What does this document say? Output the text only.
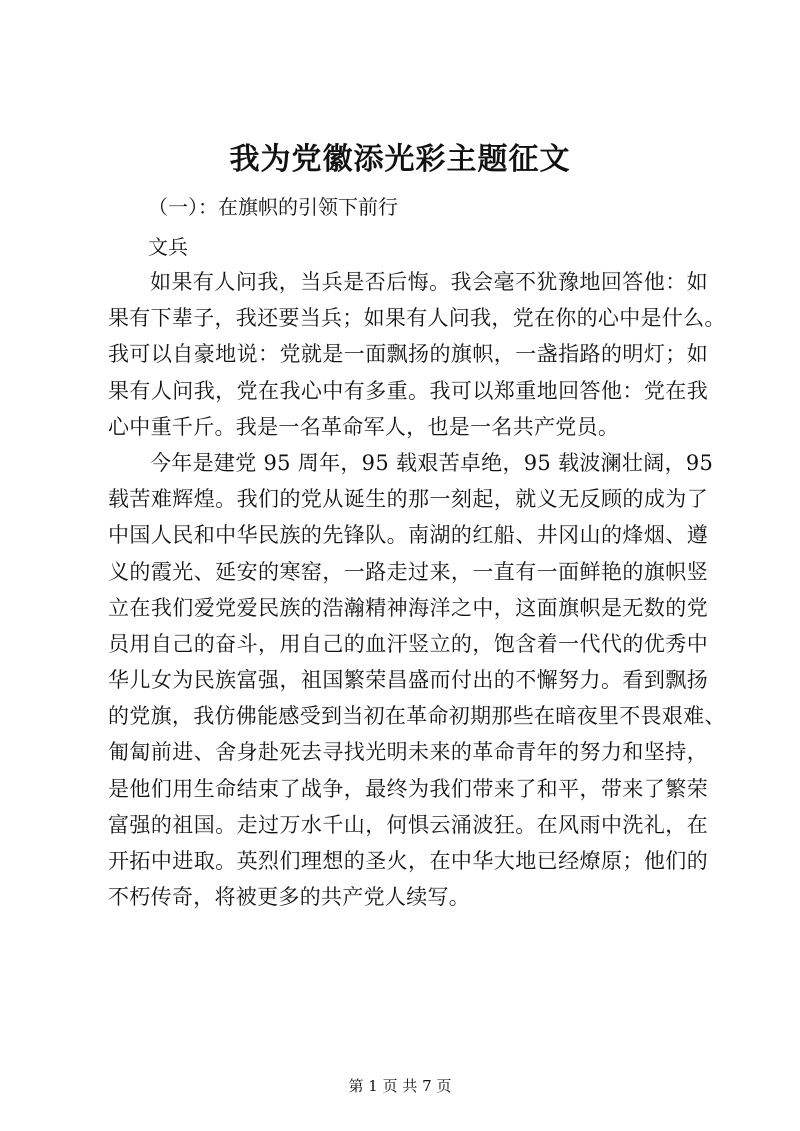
我为党徽添光彩主题征文
（一）：在旗帜的引领下前行
文兵
如果有人问我，当兵是否后悔。我会毫不犹豫地回答他：如
果有下辈子，我还要当兵；如果有人问我，党在你的心中是什么。
我可以自豪地说：党就是一面飘扬的旗帜，一盏指路的明灯；如
果有人问我，党在我心中有多重。我可以郑重地回答他：党在我
心中重千斤。我是一名革命军人，也是一名共产党员。
今年是建党 95 周年，95 载艰苦卓绝，95 载波澜壮阔，95
载苦难辉煌。我们的党从诞生的那一刻起，就义无反顾的成为了
中国人民和中华民族的先锋队。南湖的红船、井冈山的烽烟、遵
义的霞光、延安的寒窑，一路走过来，一直有一面鲜艳的旗帜竖
立在我们爱党爱民族的浩瀚精神海洋之中，这面旗帜是无数的党
员用自己的奋斗，用自己的血汗竖立的，饱含着一代代的优秀中
华儿女为民族富强，祖国繁荣昌盛而付出的不懈努力。看到飘扬
的党旗，我仿佛能感受到当初在革命初期那些在暗夜里不畏艰难、
匍匐前进、舍身赴死去寻找光明未来的革命青年的努力和坚持，
是他们用生命结束了战争，最终为我们带来了和平，带来了繁荣
富强的祖国。走过万水千山，何惧云涌波狂。在风雨中洗礼，在
开拓中进取。英烈们理想的圣火，在中华大地已经燎原；他们的
不朽传奇，将被更多的共产党人续写。
第 1 页 共 7 页
